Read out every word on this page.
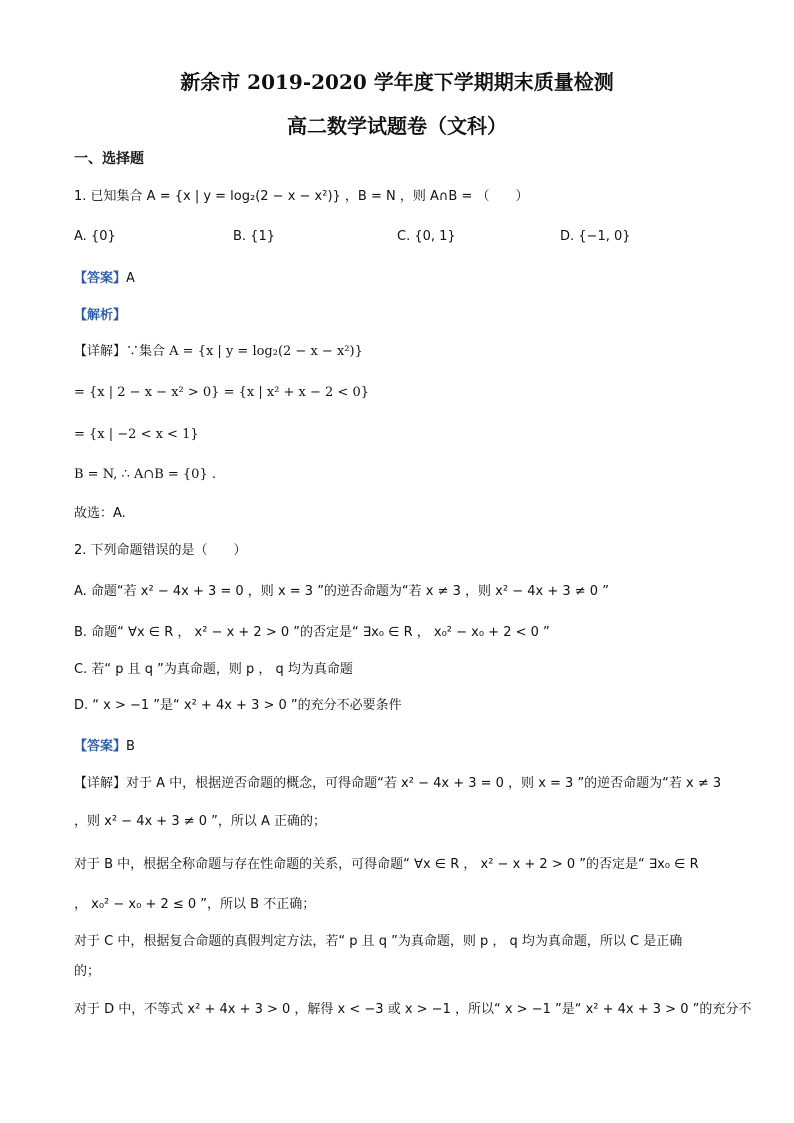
新余市 2019-2020 学年度下学期期末质量检测
高二数学试题卷（文科）
一、选择题
1. 已知集合 A = {x | y = log₂(2 − x − x²)} ，B = N ，则 A∩B = （　　）
A. {0}	B. {1}	C. {0, 1}	D. {−1, 0}
【答案】A
【解析】
【详解】∵集合 A = {x | y = log₂(2 − x − x²)}
= {x | 2 − x − x² > 0} = {x | x² + x − 2 < 0}
= {x | −2 < x < 1}
B = N, ∴ A∩B = {0} .
故选：A.
2. 下列命题错误的是（　　）
A. 命题“若 x² − 4x + 3 = 0 ，则 x = 3 ”的逆否命题为“若 x ≠ 3 ，则 x² − 4x + 3 ≠ 0 ”
B. 命题“ ∀x ∈ R ， x² − x + 2 > 0 ”的否定是“ ∃x₀ ∈ R ， x₀² − x₀ + 2 < 0 ”
C. 若“ p 且 q ”为真命题，则 p ， q 均为真命题
D. “ x > −1 ”是“ x² + 4x + 3 > 0 ”的充分不必要条件
【答案】B
【详解】对于 A 中，根据逆否命题的概念，可得命题“若 x² − 4x + 3 = 0 ，则 x = 3 ”的逆否命题为“若 x ≠ 3
，则 x² − 4x + 3 ≠ 0 ”，所以 A 正确的；
对于 B 中，根据全称命题与存在性命题的关系，可得命题“ ∀x ∈ R ， x² − x + 2 > 0 ”的否定是“ ∃x₀ ∈ R
， x₀² − x₀ + 2 ≤ 0 ”，所以 B 不正确；
对于 C 中，根据复合命题的真假判定方法，若“ p 且 q ”为真命题，则 p ， q 均为真命题，所以 C 是正确
的；
对于 D 中，不等式 x² + 4x + 3 > 0 ，解得 x < −3 或 x > −1 ，所以“ x > −1 ”是“ x² + 4x + 3 > 0 ”的充分不
